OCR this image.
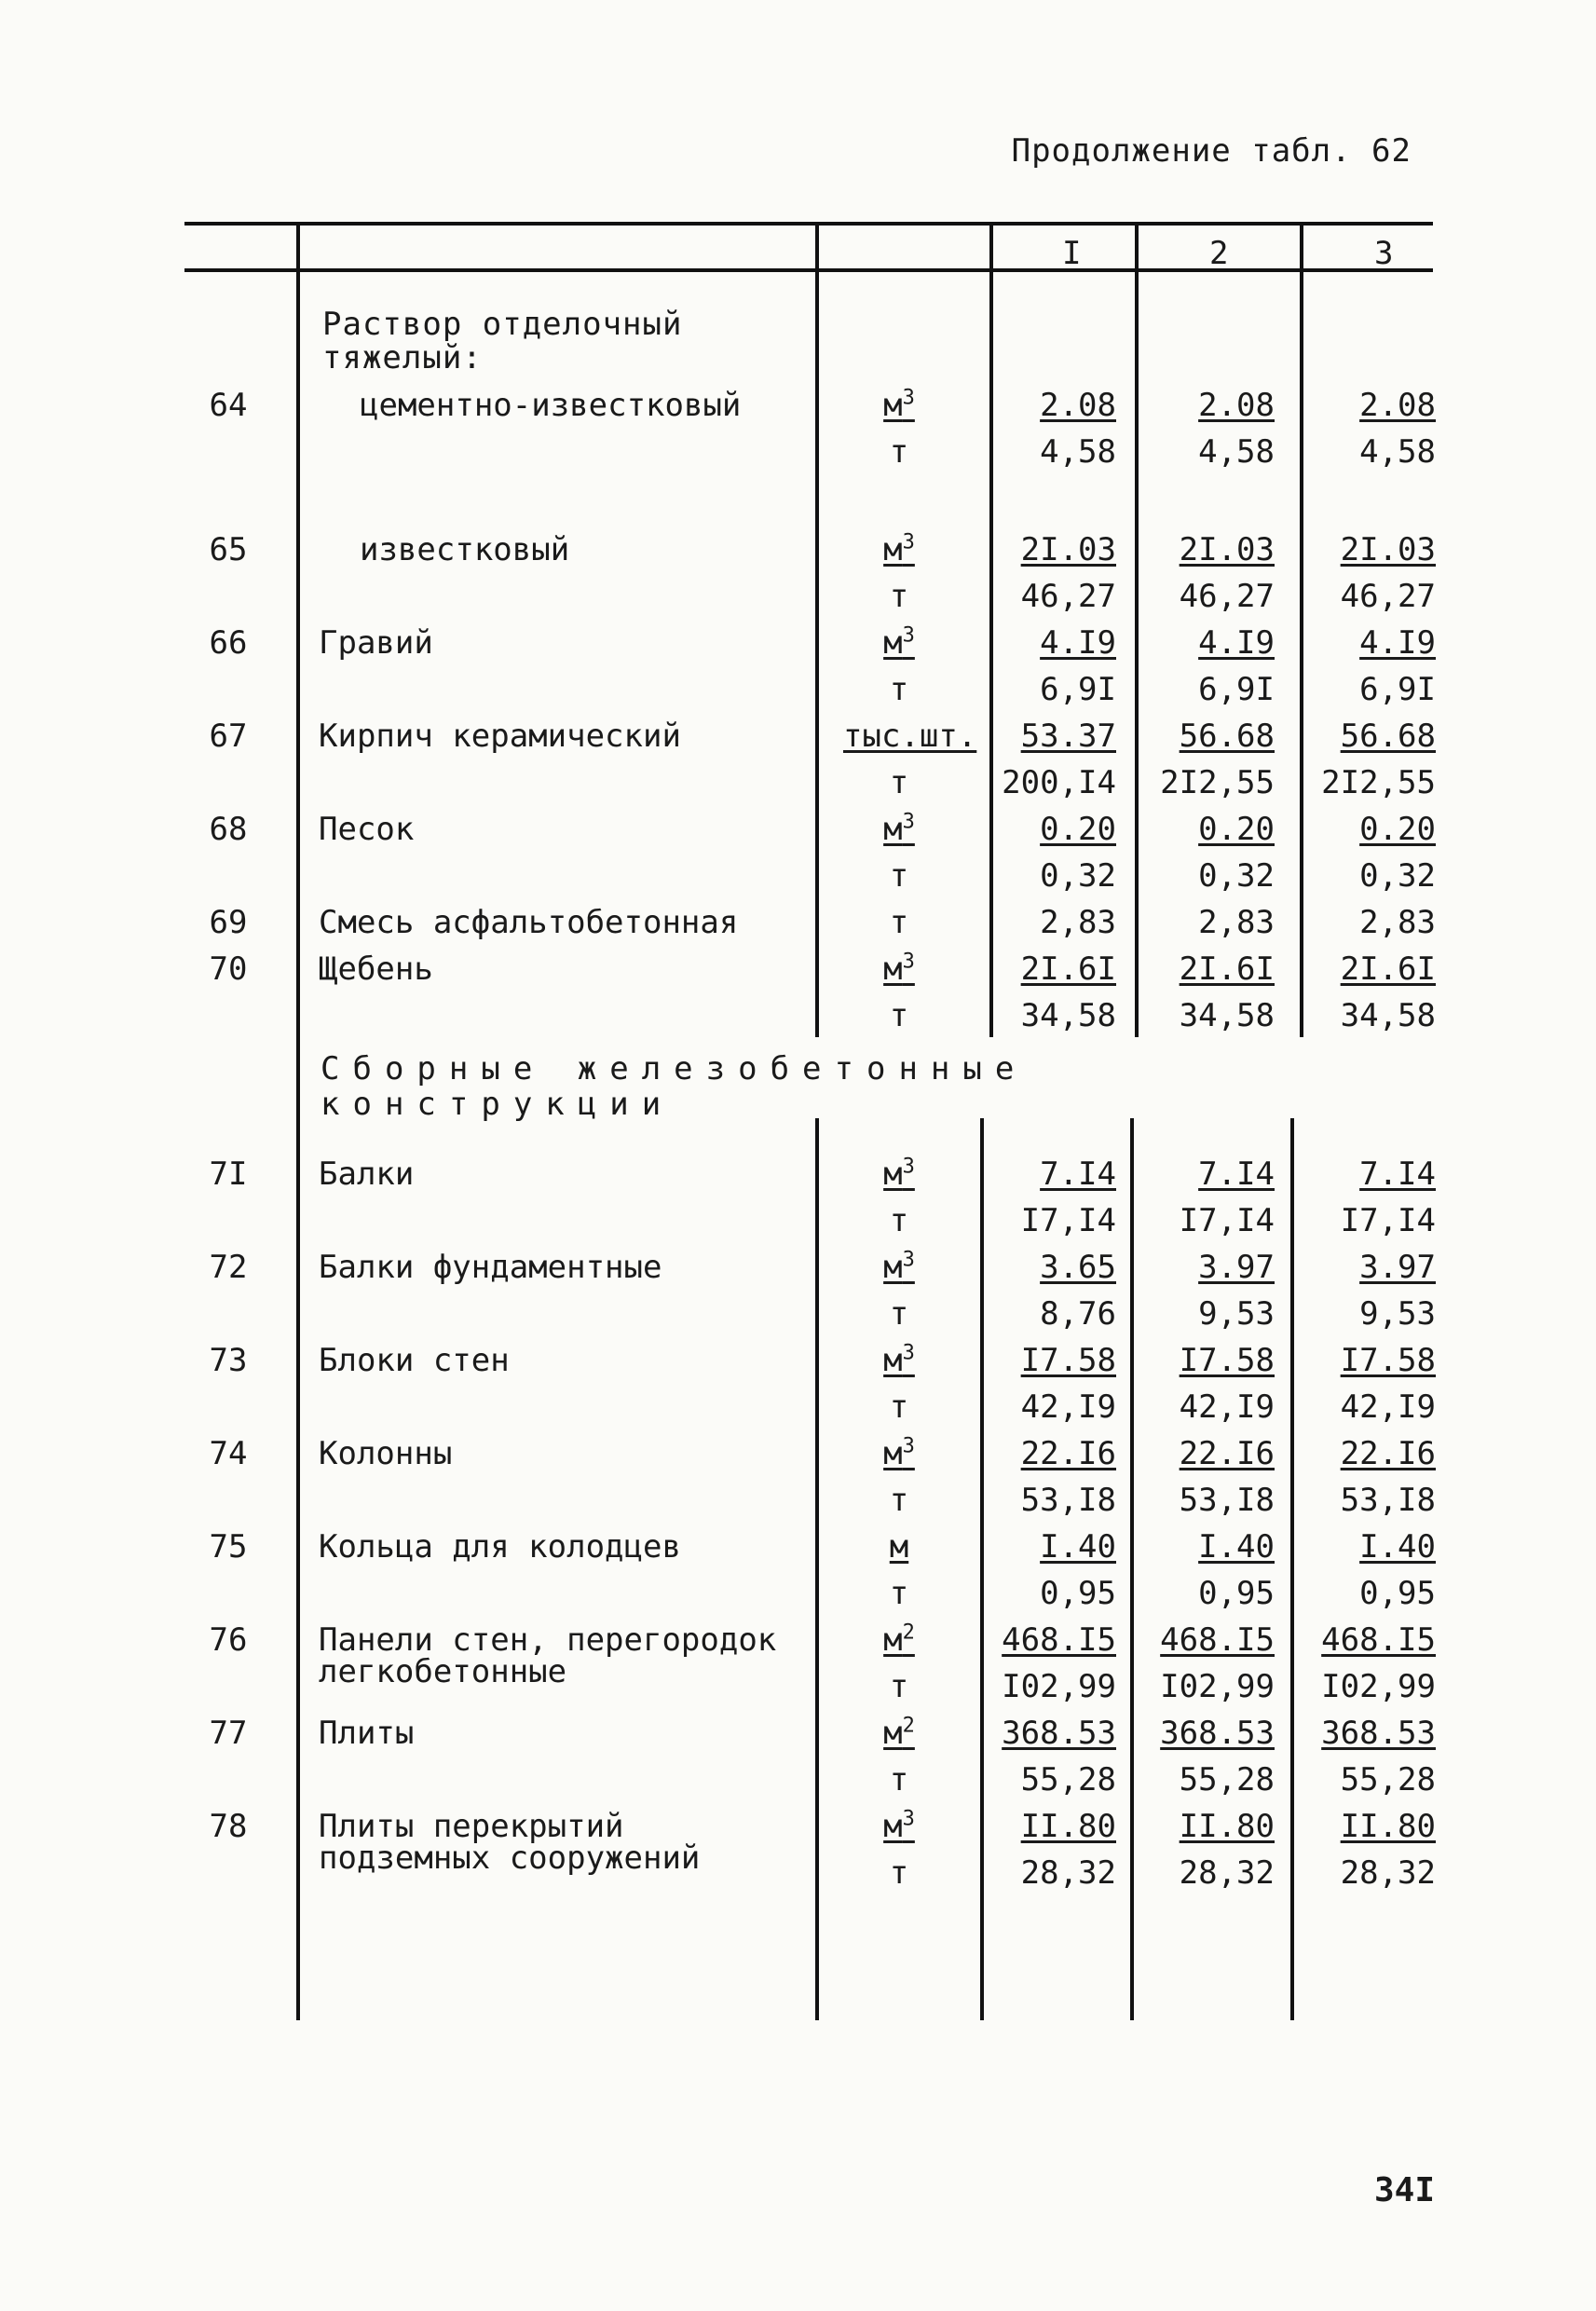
Продолжение табл. 62
I	2	3
Раствор отделочный тяжелый:
64	цементно-известковый	$м^3$	2.08	2.08	2.08
т	4,58	4,58	4,58
65	известковый	$м^3$	2I.03 2I.03 2I.03
т	46,27 46,27 46,27
66 Гравий	$м^3$	4.I9	4.I9	4.I9
т	6,9I	6,9I	6,9I
67 Кирпич керамический	тыс.шт. 53.37 56.68 56.68
т	200,I4 2I2,55 2I2,55
68 Песок	$м^3$	0.20	0.20	0.20
т	0,32	0,32	0,32
69 Смесь асфальтобетонная	т	2,83	2,83	2,83
70 Щебень	$м^3$	2I.6I 2I.6I 2I.6I
т	34,58 34,58 34,58
Сборные железобетонные конструкции
7I Балки	$м^3$	7.I4	7.I4	7.I4
т	I7,I4 I7,I4 I7,I4
72 Балки фундаментные	$м^3$	3.65	3.97	3.97
т	8,76	9,53	9,53
73 Блоки стен	$м^3$	I7.58 I7.58 I7.58
т	42,I9 42,I9 42,I9
74 Колонны	$м^3$	22.I6 22.I6 22.I6
т	53,I8 53,I8 53,I8
75 Кольца для колодцев	м	I.40	I.40	I.40
т	0,95	0,95	0,95
76 Панели стен, перегородок легкобетонные
$м^2$	468.I5 468.I5 468.I5
т	I02,99 I02,99 I02,99
77 Плиты	$м^2$	368.53 368.53 368.53
т	55,28 55,28 55,28
78 Плиты перекрытий подземных сооружений
$м^3$	II.80 II.80 II.80
т	28,32 28,32 28,32
34I
